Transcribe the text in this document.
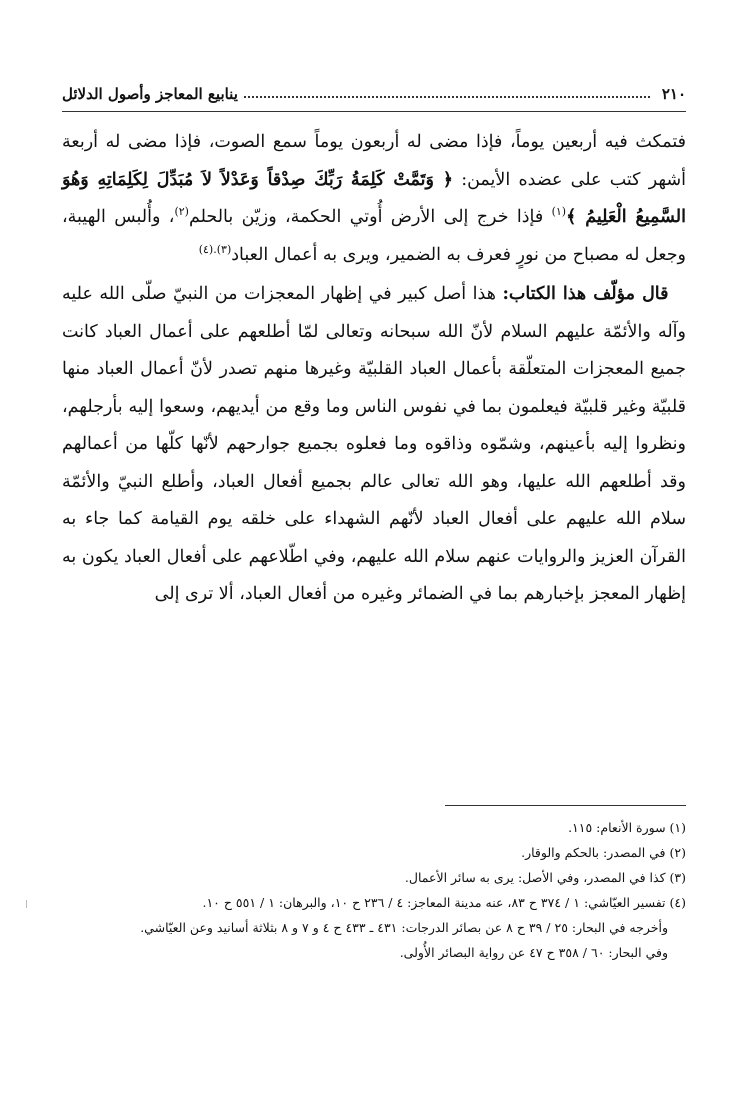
٢١٠
ينابيع المعاجز وأصول الدلائل

فتمكث فيه أربعين يوماً، فإذا مضى له أربعون يوماً سمع الصوت، فإذا مضى له أربعة أشهر كتب على عضده الأيمن: ﴿ وَتَمَّتْ كَلِمَةُ رَبِّكَ صِدْقاً وَعَدْلاً لاَ مُبَدِّلَ لِكَلِمَاتِهِ وَهُوَ السَّمِيعُ الْعَلِيمُ ﴾$^{(١)}$ فإذا خرج إلى الأرض أُوتي الحكمة، وزيّن بالحلم$^{(٢)}$، وأُلبس الهيبة، وجعل له مصباح من نورٍ فعرف به الضمير، ويرى به أعمال العباد$^{(٣).(٤)}$

 قال مؤلّف هذا الكتاب: هذا أصل كبير في إظهار المعجزات من النبيّ صلّى الله عليه وآله والأئمّة عليهم السلام لأنّ الله سبحانه وتعالى لمّا أطلعهم على أعمال العباد كانت جميع المعجزات المتعلّقة بأعمال العباد القلبيّة وغيرها منهم تصدر لأنّ أعمال العباد منها قلبيّة وغير قلبيّة فيعلمون بما في نفوس الناس وما وقع من أيديهم، وسعوا إليه بأرجلهم، ونظروا إليه بأعينهم، وشمّوه وذاقوه وما فعلوه بجميع جوارحهم لأنّها كلّها من أعمالهم وقد أطلعهم الله عليها، وهو الله تعالى عالم بجميع أفعال العباد، وأطلع النبيّ والأئمّة سلام الله عليهم على أفعال العباد لأنّهم الشهداء على خلقه يوم القيامة كما جاء به القرآن العزيز والروايات عنهم سلام الله عليهم، وفي اطّلاعهم على أفعال العباد يكون به إظهار المعجز بإخبارهم بما في الضمائر وغيره من أفعال العباد، ألا ترى إلى

(١) سورة الأنعام: ١١٥.

(٢) في المصدر: بالحكم والوقار.

(٣) كذا في المصدر، وفي الأصل: يرى به سائر الأعمال.

(٤) تفسير العيّاشي: ١ / ٣٧٤ ح ٨٣، عنه مدينة المعاجز: ٤ / ٢٣٦ ح ١٠، والبرهان: ١ / ٥٥١ ح ١٠.

وأخرجه في البحار: ٢٥ / ٣٩ ح ٨ عن بصائر الدرجات: ٤٣١ ـ ٤٣٣ ح ٤ و ٧ و ٨ بثلاثة أسانيد وعن العيّاشي.

وفي البحار: ٦٠ / ٣٥٨ ح ٤٧ عن رواية البصائر الأُولى.
